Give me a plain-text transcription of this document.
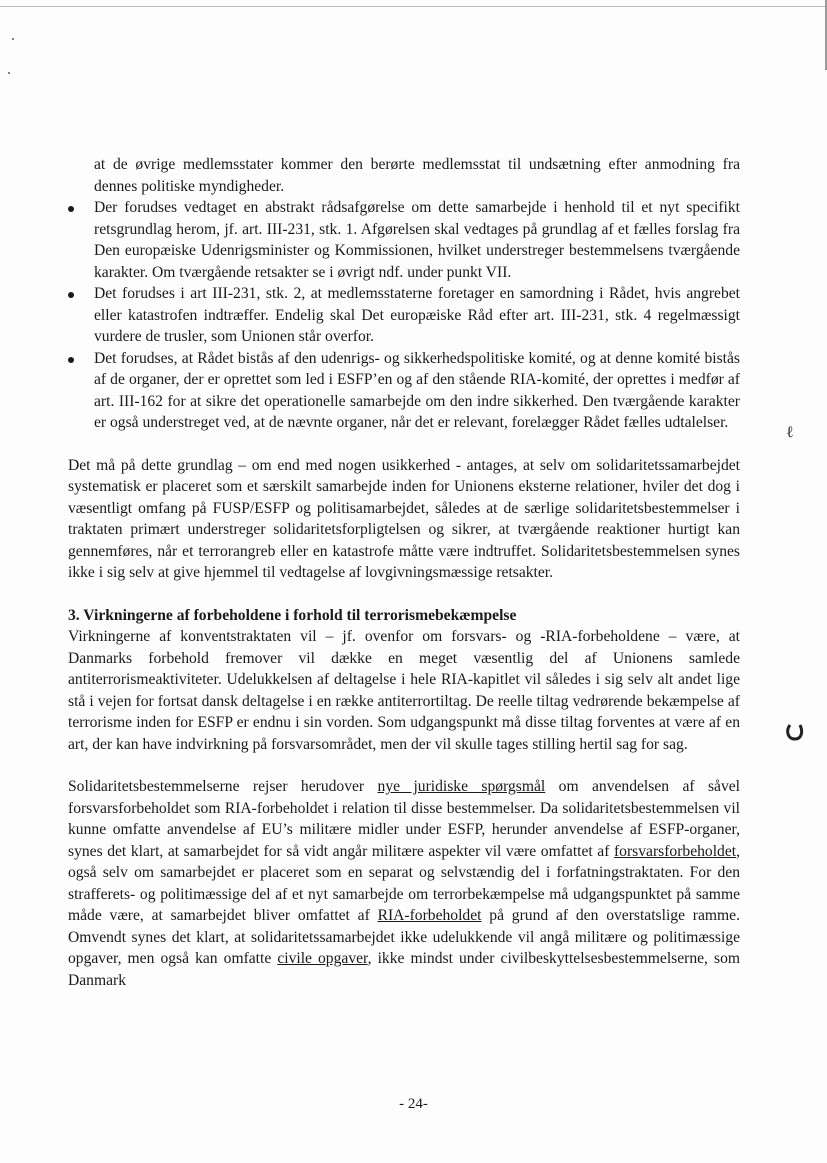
at de øvrige medlemsstater kommer den berørte medlemsstat til undsætning efter anmodning fra dennes politiske myndigheder.

Der forudses vedtaget en abstrakt rådsafgørelse om dette samarbejde i henhold til et nyt specifikt retsgrundlag herom, jf. art. III-231, stk. 1. Afgørelsen skal vedtages på grundlag af et fælles forslag fra Den europæiske Udenrigsminister og Kommissionen, hvilket understreger bestemmelsens tværgående karakter. Om tværgående retsakter se i øvrigt ndf. under punkt VII.
Det forudses i art III-231, stk. 2, at medlemsstaterne foretager en samordning i Rådet, hvis angrebet eller katastrofen indtræffer. Endelig skal Det europæiske Råd efter art. III-231, stk. 4 regelmæssigt vurdere de trusler, som Unionen står overfor.
Det forudses, at Rådet bistås af den udenrigs- og sikkerhedspolitiske komité, og at denne komité bistås af de organer, der er oprettet som led i ESFP’en og af den stående RIA-komité, der oprettes i medfør af art. III-162 for at sikre det operationelle samarbejde om den indre sikkerhed. Den tværgående karakter er også understreget ved, at de nævnte organer, når det er relevant, forelægger Rådet fælles udtalelser.

Det må på dette grundlag – om end med nogen usikkerhed - antages, at selv om solidaritetssamarbejdet systematisk er placeret som et særskilt samarbejde inden for Unionens eksterne relationer, hviler det dog i væsentligt omfang på FUSP/ESFP og politisamarbejdet, således at de særlige solidaritetsbestemmelser i traktaten primært understreger solidaritetsforpligtelsen og sikrer, at tværgående reaktioner hurtigt kan gennemføres, når et terrorangreb eller en katastrofe måtte være indtruffet. Solidaritetsbestemmelsen synes ikke i sig selv at give hjemmel til vedtagelse af lovgivningsmæssige retsakter.

3. Virkningerne af forbeholdene i forhold til terrorismebekæmpelse

Virkningerne af konventstraktaten vil – jf. ovenfor om forsvars- og -RIA-forbeholdene – være, at Danmarks forbehold fremover vil dække en meget væsentlig del af Unionens samlede antiterrorismeaktiviteter. Udelukkelsen af deltagelse i hele RIA-kapitlet vil således i sig selv alt andet lige stå i vejen for fortsat dansk deltagelse i en række antiterrortiltag. De reelle tiltag vedrørende bekæmpelse af terrorisme inden for ESFP er endnu i sin vorden. Som udgangspunkt må disse tiltag forventes at være af en art, der kan have indvirkning på forsvarsområdet, men der vil skulle tages stilling hertil sag for sag.

Solidaritetsbestemmelserne rejser herudover nye juridiske spørgsmål om anvendelsen af såvel forsvarsforbeholdet som RIA-forbeholdet i relation til disse bestemmelser. Da solidaritetsbestemmelsen vil kunne omfatte anvendelse af EU’s militære midler under ESFP, herunder anvendelse af ESFP-organer, synes det klart, at samarbejdet for så vidt angår militære aspekter vil være omfattet af forsvarsforbeholdet, også selv om samarbejdet er placeret som en separat og selvstændig del i forfatningstraktaten. For den strafferets- og politimæssige del af et nyt samarbejde om terrorbekæmpelse må udgangspunktet på samme måde være, at samarbejdet bliver omfattet af RIA-forbeholdet på grund af den overstatslige ramme. Omvendt synes det klart, at solidaritetssamarbejdet ikke udelukkende vil angå militære og politimæssige opgaver, men også kan omfatte civile opgaver, ikke mindst under civilbeskyttelsesbestemmelserne, som Danmark

ℓ
- 24-
